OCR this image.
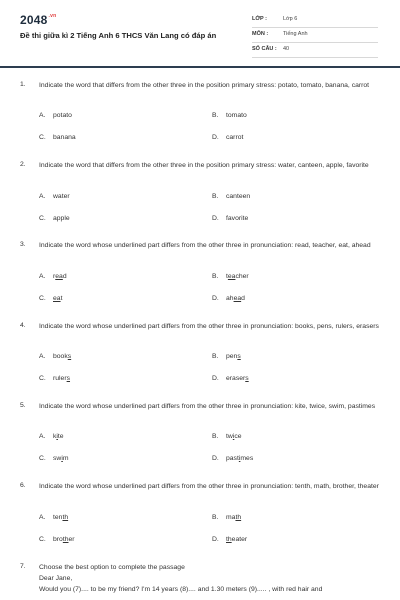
$2048^{.vn}$
Đề thi giữa kì 2 Tiếng Anh 6 THCS Văn Lang có đáp án
LỚP :	Lớp 6
MÔN :	Tiếng Anh
SỐ CÂU : 40
1. Indicate the word that differs from the other three in the position primary stress: potato, tomato, banana, carrot
A. potato	B. tomato
C. banana	D. carrot
2. Indicate the word that differs from the other three in the position primary stress: water, canteen, apple, favorite
A. water	B. canteen
C. apple	D. favorite
3. Indicate the word whose underlined part differs from the other three in pronunciation: read, teacher, eat, ahead
A. read	B. teacher
C. eat	D. ahead
4. Indicate the word whose underlined part differs from the other three in pronunciation: books, pens, rulers, erasers
A. books	B. pens
C. rulers	D. erasers
5. Indicate the word whose underlined part differs from the other three in pronunciation: kite, twice, swim, pastimes
A. kite	B. twice
C. swim	D. pastimes
6. Indicate the word whose underlined part differs from the other three in pronunciation: tenth, math, brother, theater
A. tenth	B. math
C. brother	D. theater
7. Choose the best option to complete the passage
Dear Jane,
Would you (7).... to be my friend? I'm 14 years (8).... and 1.30 meters (9)..... , with red hair and
